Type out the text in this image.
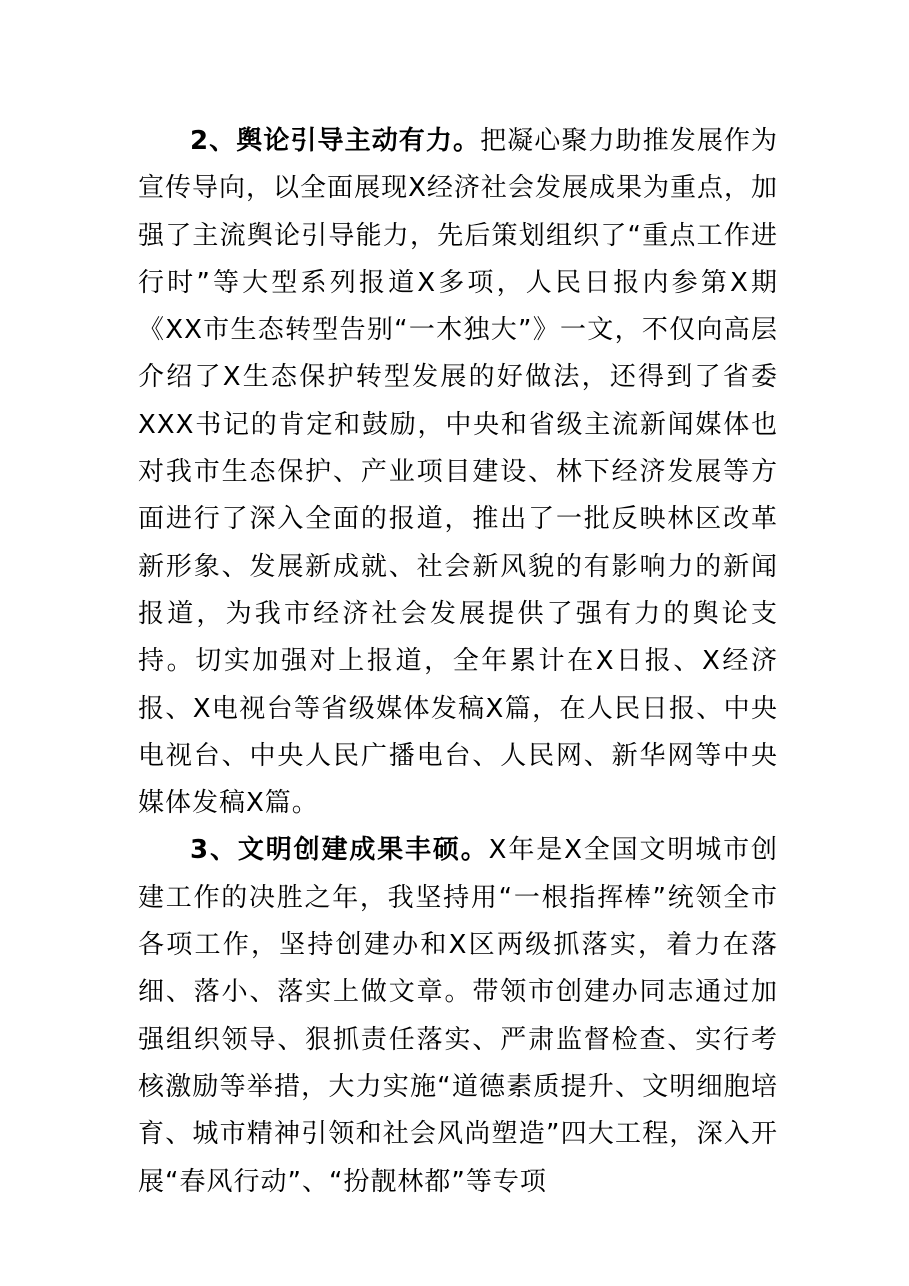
2、舆论引导主动有力。把凝心聚力助推发展作为宣传导向，以全面展现X经济社会发展成果为重点，加强了主流舆论引导能力，先后策划组织了“重点工作进行时”等大型系列报道X多项，人民日报内参第X期《XX市生态转型告别“一木独大”》一文，不仅向高层介绍了X生态保护转型发展的好做法，还得到了省委XXX书记的肯定和鼓励，中央和省级主流新闻媒体也对我市生态保护、产业项目建设、林下经济发展等方面进行了深入全面的报道，推出了一批反映林区改革新形象、发展新成就、社会新风貌的有影响力的新闻报道，为我市经济社会发展提供了强有力的舆论支持。切实加强对上报道，全年累计在X日报、X经济报、X电视台等省级媒体发稿X篇，在人民日报、中央电视台、中央人民广播电台、人民网、新华网等中央媒体发稿X篇。

3、文明创建成果丰硕。X年是X全国文明城市创建工作的决胜之年，我坚持用“一根指挥棒”统领全市各项工作，坚持创建办和X区两级抓落实，着力在落细、落小、落实上做文章。带领市创建办同志通过加强组织领导、狠抓责任落实、严肃监督检查、实行考核激励等举措，大力实施“道德素质提升、文明细胞培育、城市精神引领和社会风尚塑造”四大工程，深入开展“春风行动”、“扮靓林都”等专项
